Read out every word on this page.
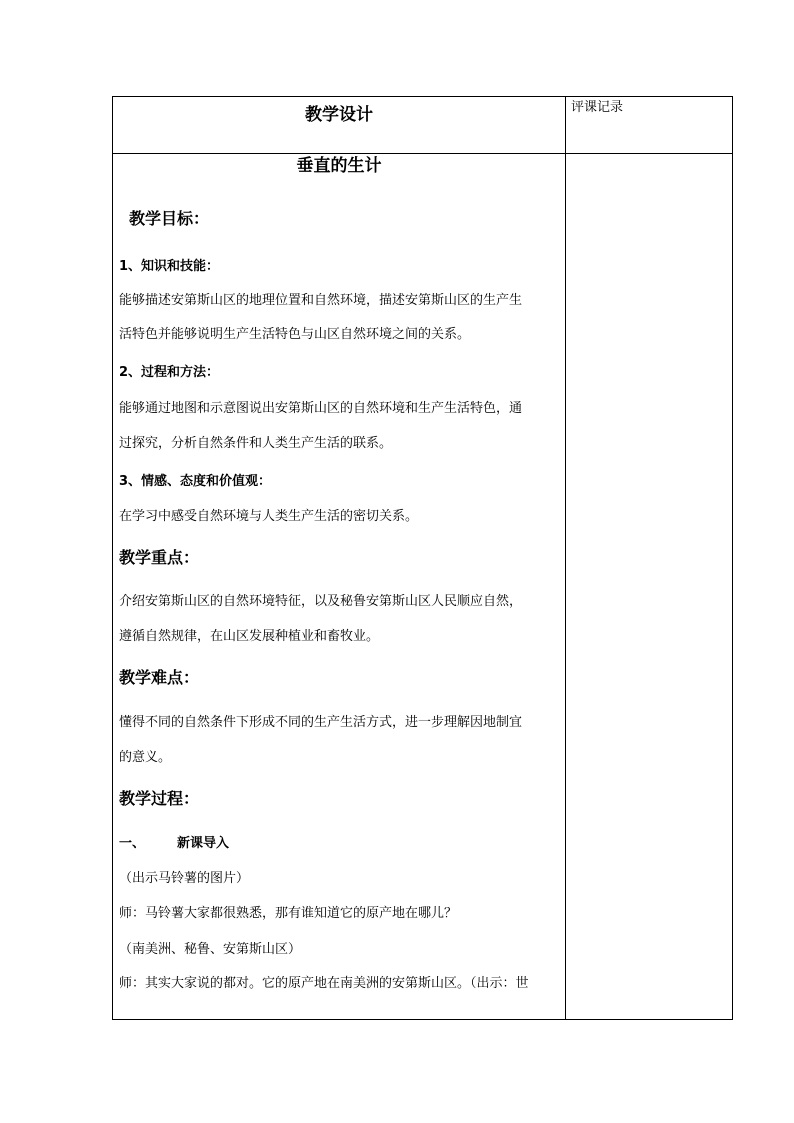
教学设计	评课记录
垂直的生计
教学目标：
1、知识和技能：
能够描述安第斯山区的地理位置和自然环境，描述安第斯山区的生产生
活特色并能够说明生产生活特色与山区自然环境之间的关系。
2、过程和方法：
能够通过地图和示意图说出安第斯山区的自然环境和生产生活特色，通
过探究，分析自然条件和人类生产生活的联系。
3、情感、态度和价值观：
在学习中感受自然环境与人类生产生活的密切关系。
教学重点：
介绍安第斯山区的自然环境特征，以及秘鲁安第斯山区人民顺应自然，
遵循自然规律，在山区发展种植业和畜牧业。
教学难点：
懂得不同的自然条件下形成不同的生产生活方式，进一步理解因地制宜
的意义。
教学过程：
一、 新课导入
（出示马铃薯的图片）
师：马铃薯大家都很熟悉，那有谁知道它的原产地在哪儿？
（南美洲、秘鲁、安第斯山区）
师：其实大家说的都对。它的原产地在南美洲的安第斯山区。（出示：世
